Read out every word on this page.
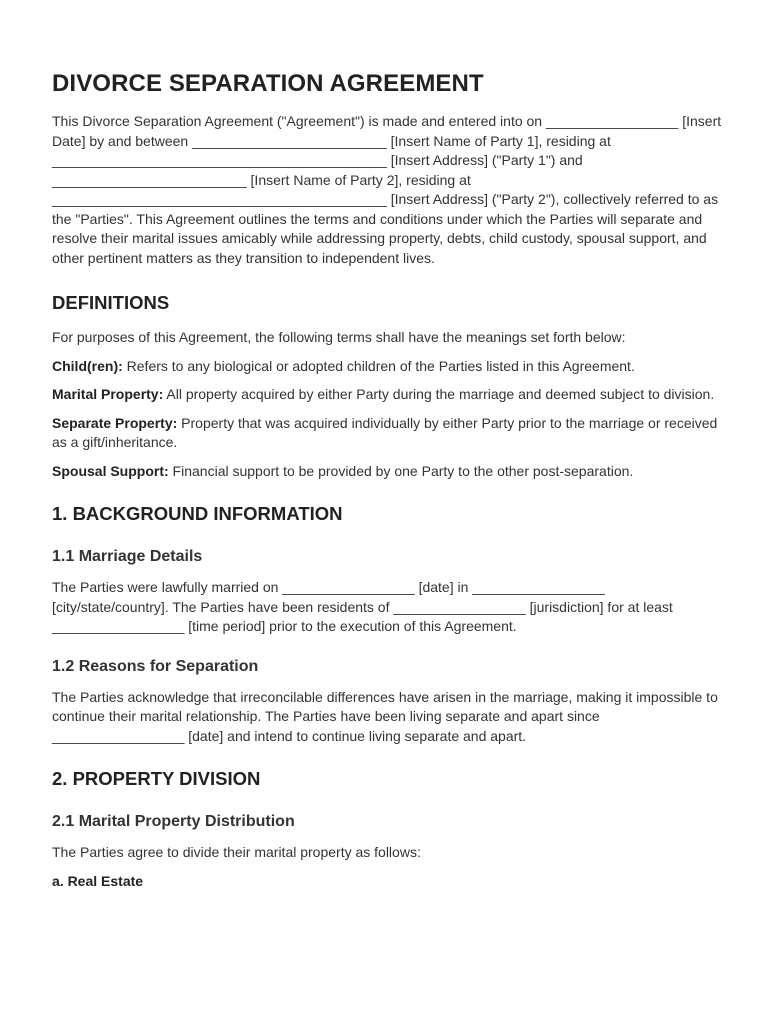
DIVORCE SEPARATION AGREEMENT

This Divorce Separation Agreement ("Agreement") is made and entered into on _________________ [Insert Date] by and between _________________________ [Insert Name of Party 1], residing at ___________________________________________ [Insert Address] ("Party 1") and _________________________ [Insert Name of Party 2], residing at ___________________________________________ [Insert Address] ("Party 2"), collectively referred to as the "Parties". This Agreement outlines the terms and conditions under which the Parties will separate and resolve their marital issues amicably while addressing property, debts, child custody, spousal support, and other pertinent matters as they transition to independent lives.

DEFINITIONS

For purposes of this Agreement, the following terms shall have the meanings set forth below:

Child(ren): Refers to any biological or adopted children of the Parties listed in this Agreement.

Marital Property: All property acquired by either Party during the marriage and deemed subject to division.

Separate Property: Property that was acquired individually by either Party prior to the marriage or received as a gift/inheritance.

Spousal Support: Financial support to be provided by one Party to the other post-separation.

1. BACKGROUND INFORMATION
1.1 Marriage Details

The Parties were lawfully married on _________________ [date] in _________________ [city/state/country]. The Parties have been residents of _________________ [jurisdiction] for at least _________________ [time period] prior to the execution of this Agreement.

1.2 Reasons for Separation

The Parties acknowledge that irreconcilable differences have arisen in the marriage, making it impossible to continue their marital relationship. The Parties have been living separate and apart since _________________ [date] and intend to continue living separate and apart.

2. PROPERTY DIVISION
2.1 Marital Property Distribution

The Parties agree to divide their marital property as follows:

a. Real Estate
